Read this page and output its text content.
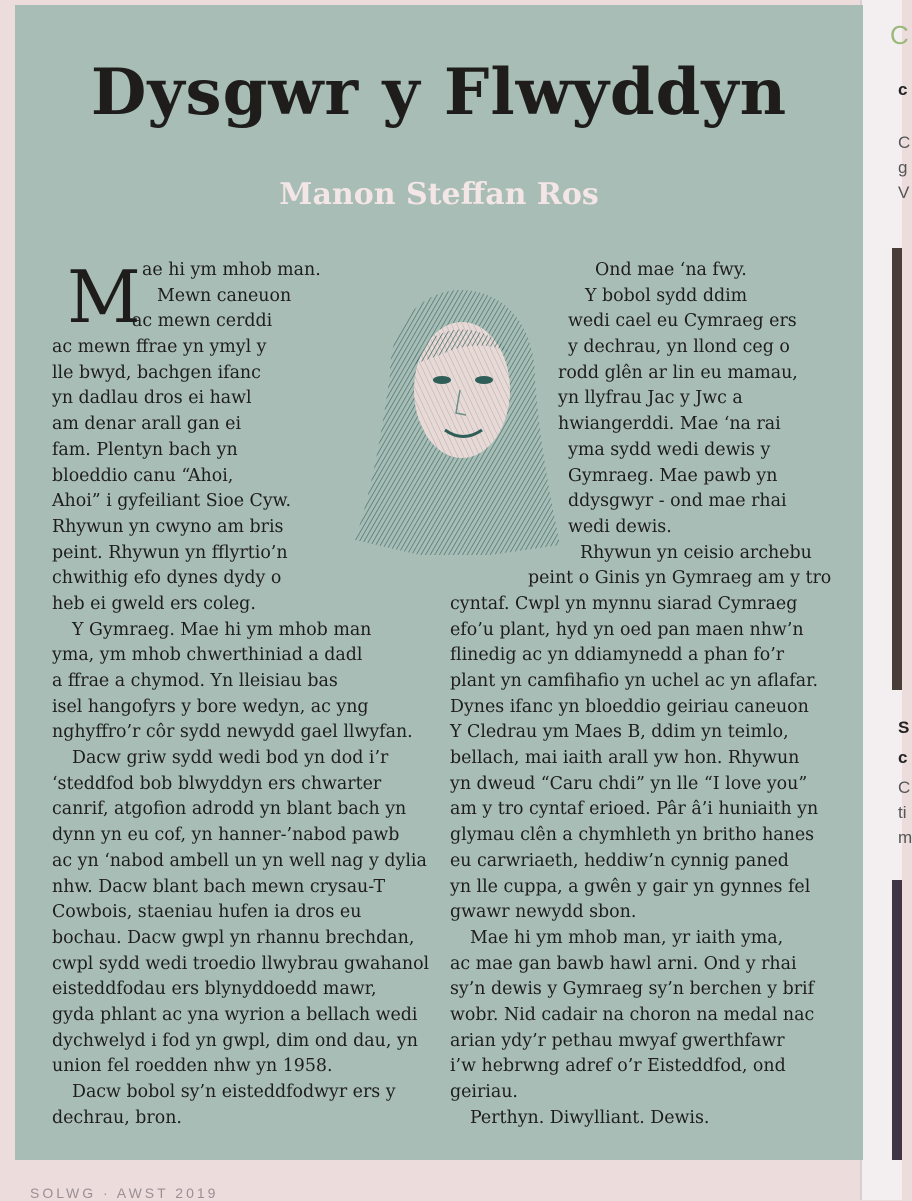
C
c
C
g
V
S
c
C
ti
m
Dysgwr y Flwyddyn

Manon Steffan Ros

M ae hi ym mhob man.
Mewn caneuon
ac mewn cerddi
ac mewn ffrae yn ymyl y
lle bwyd, bachgen ifanc
yn dadlau dros ei hawl
am denar arall gan ei
fam. Plentyn bach yn
bloeddio canu “Ahoi,
Ahoi” i gyfeiliant Sioe Cyw.
Rhywun yn cwyno am bris
peint. Rhywun yn fflyrtio’n
chwithig efo dynes dydy o
heb ei gweld ers coleg.
Y Gymraeg. Mae hi ym mhob man
yma, ym mhob chwerthiniad a dadl
a ffrae a chymod. Yn lleisiau bas
isel hangofyrs y bore wedyn, ac yng
nghyffro’r côr sydd newydd gael llwyfan.
Dacw griw sydd wedi bod yn dod i’r
‘steddfod bob blwyddyn ers chwarter
canrif, atgofion adrodd yn blant bach yn
dynn yn eu cof, yn hanner-’nabod pawb
ac yn ‘nabod ambell un yn well nag y dylia
nhw. Dacw blant bach mewn crysau-T
Cowbois, staeniau hufen ia dros eu
bochau. Dacw gwpl yn rhannu brechdan,
cwpl sydd wedi troedio llwybrau gwahanol
eisteddfodau ers blynyddoedd mawr,
gyda phlant ac yna wyrion a bellach wedi
dychwelyd i fod yn gwpl, dim ond dau, yn
union fel roedden nhw yn 1958.
Dacw bobol sy’n eisteddfodwyr ers y
dechrau, bron.
Ond mae ‘na fwy.
Y bobol sydd ddim
wedi cael eu Cymraeg ers
y dechrau, yn llond ceg o
rodd glên ar lin eu mamau,
yn llyfrau Jac y Jwc a
hwiangerddi. Mae ‘na rai
yma sydd wedi dewis y
Gymraeg. Mae pawb yn
ddysgwyr - ond mae rhai
wedi dewis.
Rhywun yn ceisio archebu
peint o Ginis yn Gymraeg am y tro
cyntaf. Cwpl yn mynnu siarad Cymraeg
efo’u plant, hyd yn oed pan maen nhw’n
flinedig ac yn ddiamynedd a phan fo’r
plant yn camfihafio yn uchel ac yn aflafar.
Dynes ifanc yn bloeddio geiriau caneuon
Y Cledrau ym Maes B, ddim yn teimlo,
bellach, mai iaith arall yw hon. Rhywun
yn dweud “Caru chdi” yn lle “I love you”
am y tro cyntaf erioed. Pâr â’i huniaith yn
glymau clên a chymhleth yn britho hanes
eu carwriaeth, heddiw’n cynnig paned
yn lle cuppa, a gwên y gair yn gynnes fel
gwawr newydd sbon.
Mae hi ym mhob man, yr iaith yma,
ac mae gan bawb hawl arni. Ond y rhai
sy’n dewis y Gymraeg sy’n berchen y brif
wobr. Nid cadair na choron na medal nac
arian ydy’r pethau mwyaf gwerthfawr
i’w hebrwng adref o’r Eisteddfod, ond
geiriau.
Perthyn. Diwylliant. Dewis.
SOLWG · AWST 2019
